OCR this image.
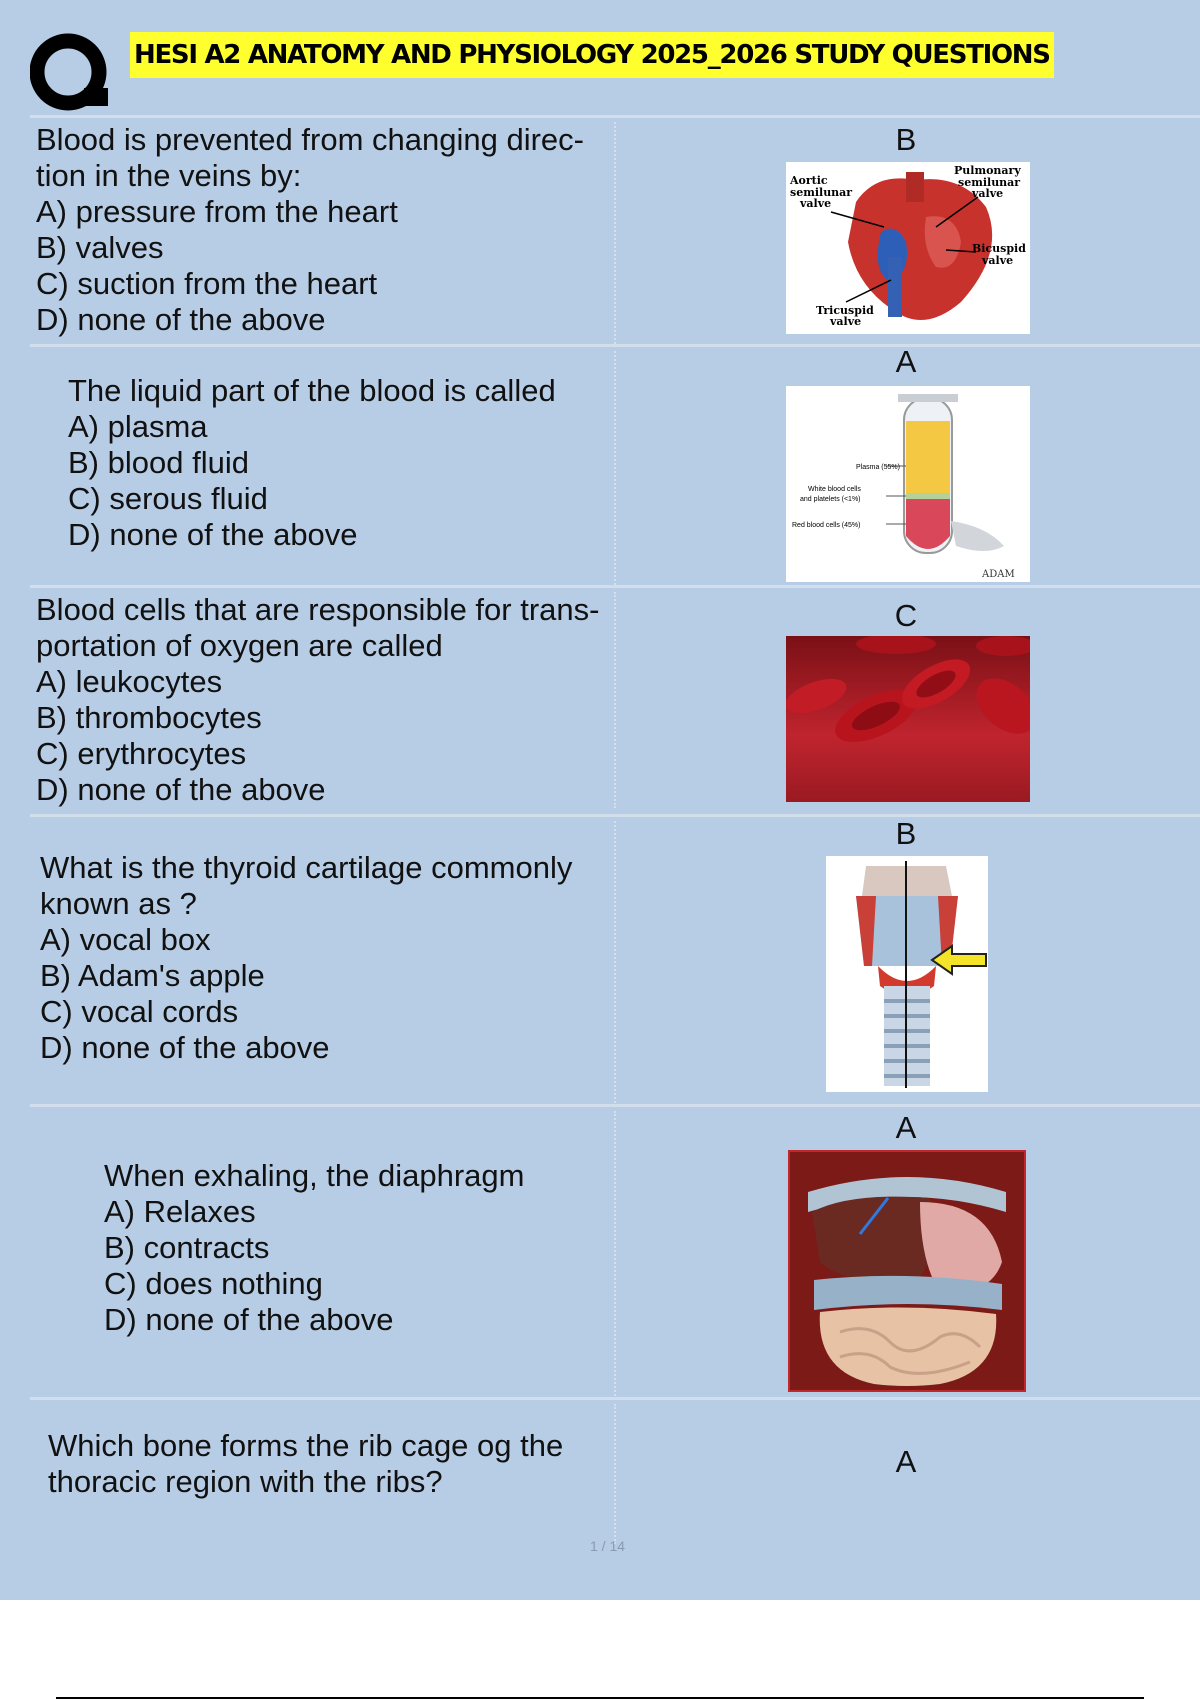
HESI A2 ANATOMY AND PHYSIOLOGY 2025_2026 STUDY QUESTIONS
Blood is prevented from changing direc-
tion in the veins by:
A) pressure from the heart
B) valves
C) suction from the heart
D) none of the above
B
Aortic
semilunar
valve
Pulmonary
semilunar
valve
Bicuspid
valve
Tricuspid
valve
The liquid part of the blood is called
A) plasma
B) blood fluid
C) serous fluid
D) none of the above
A
Plasma (55%)
White blood cells
and platelets (<1%)
Red blood cells (45%)
ADAM
Blood cells that are responsible for trans-
portation of oxygen are called
A) leukocytes
B) thrombocytes
C) erythrocytes
D) none of the above
C
What is the thyroid cartilage commonly
known as ?
A) vocal box
B) Adam's apple
C) vocal cords
D) none of the above
B
When exhaling, the diaphragm
A) Relaxes
B) contracts
C) does nothing
D) none of the above
A
Which bone forms the rib cage og the
thoracic region with the ribs?
A
1 / 14
